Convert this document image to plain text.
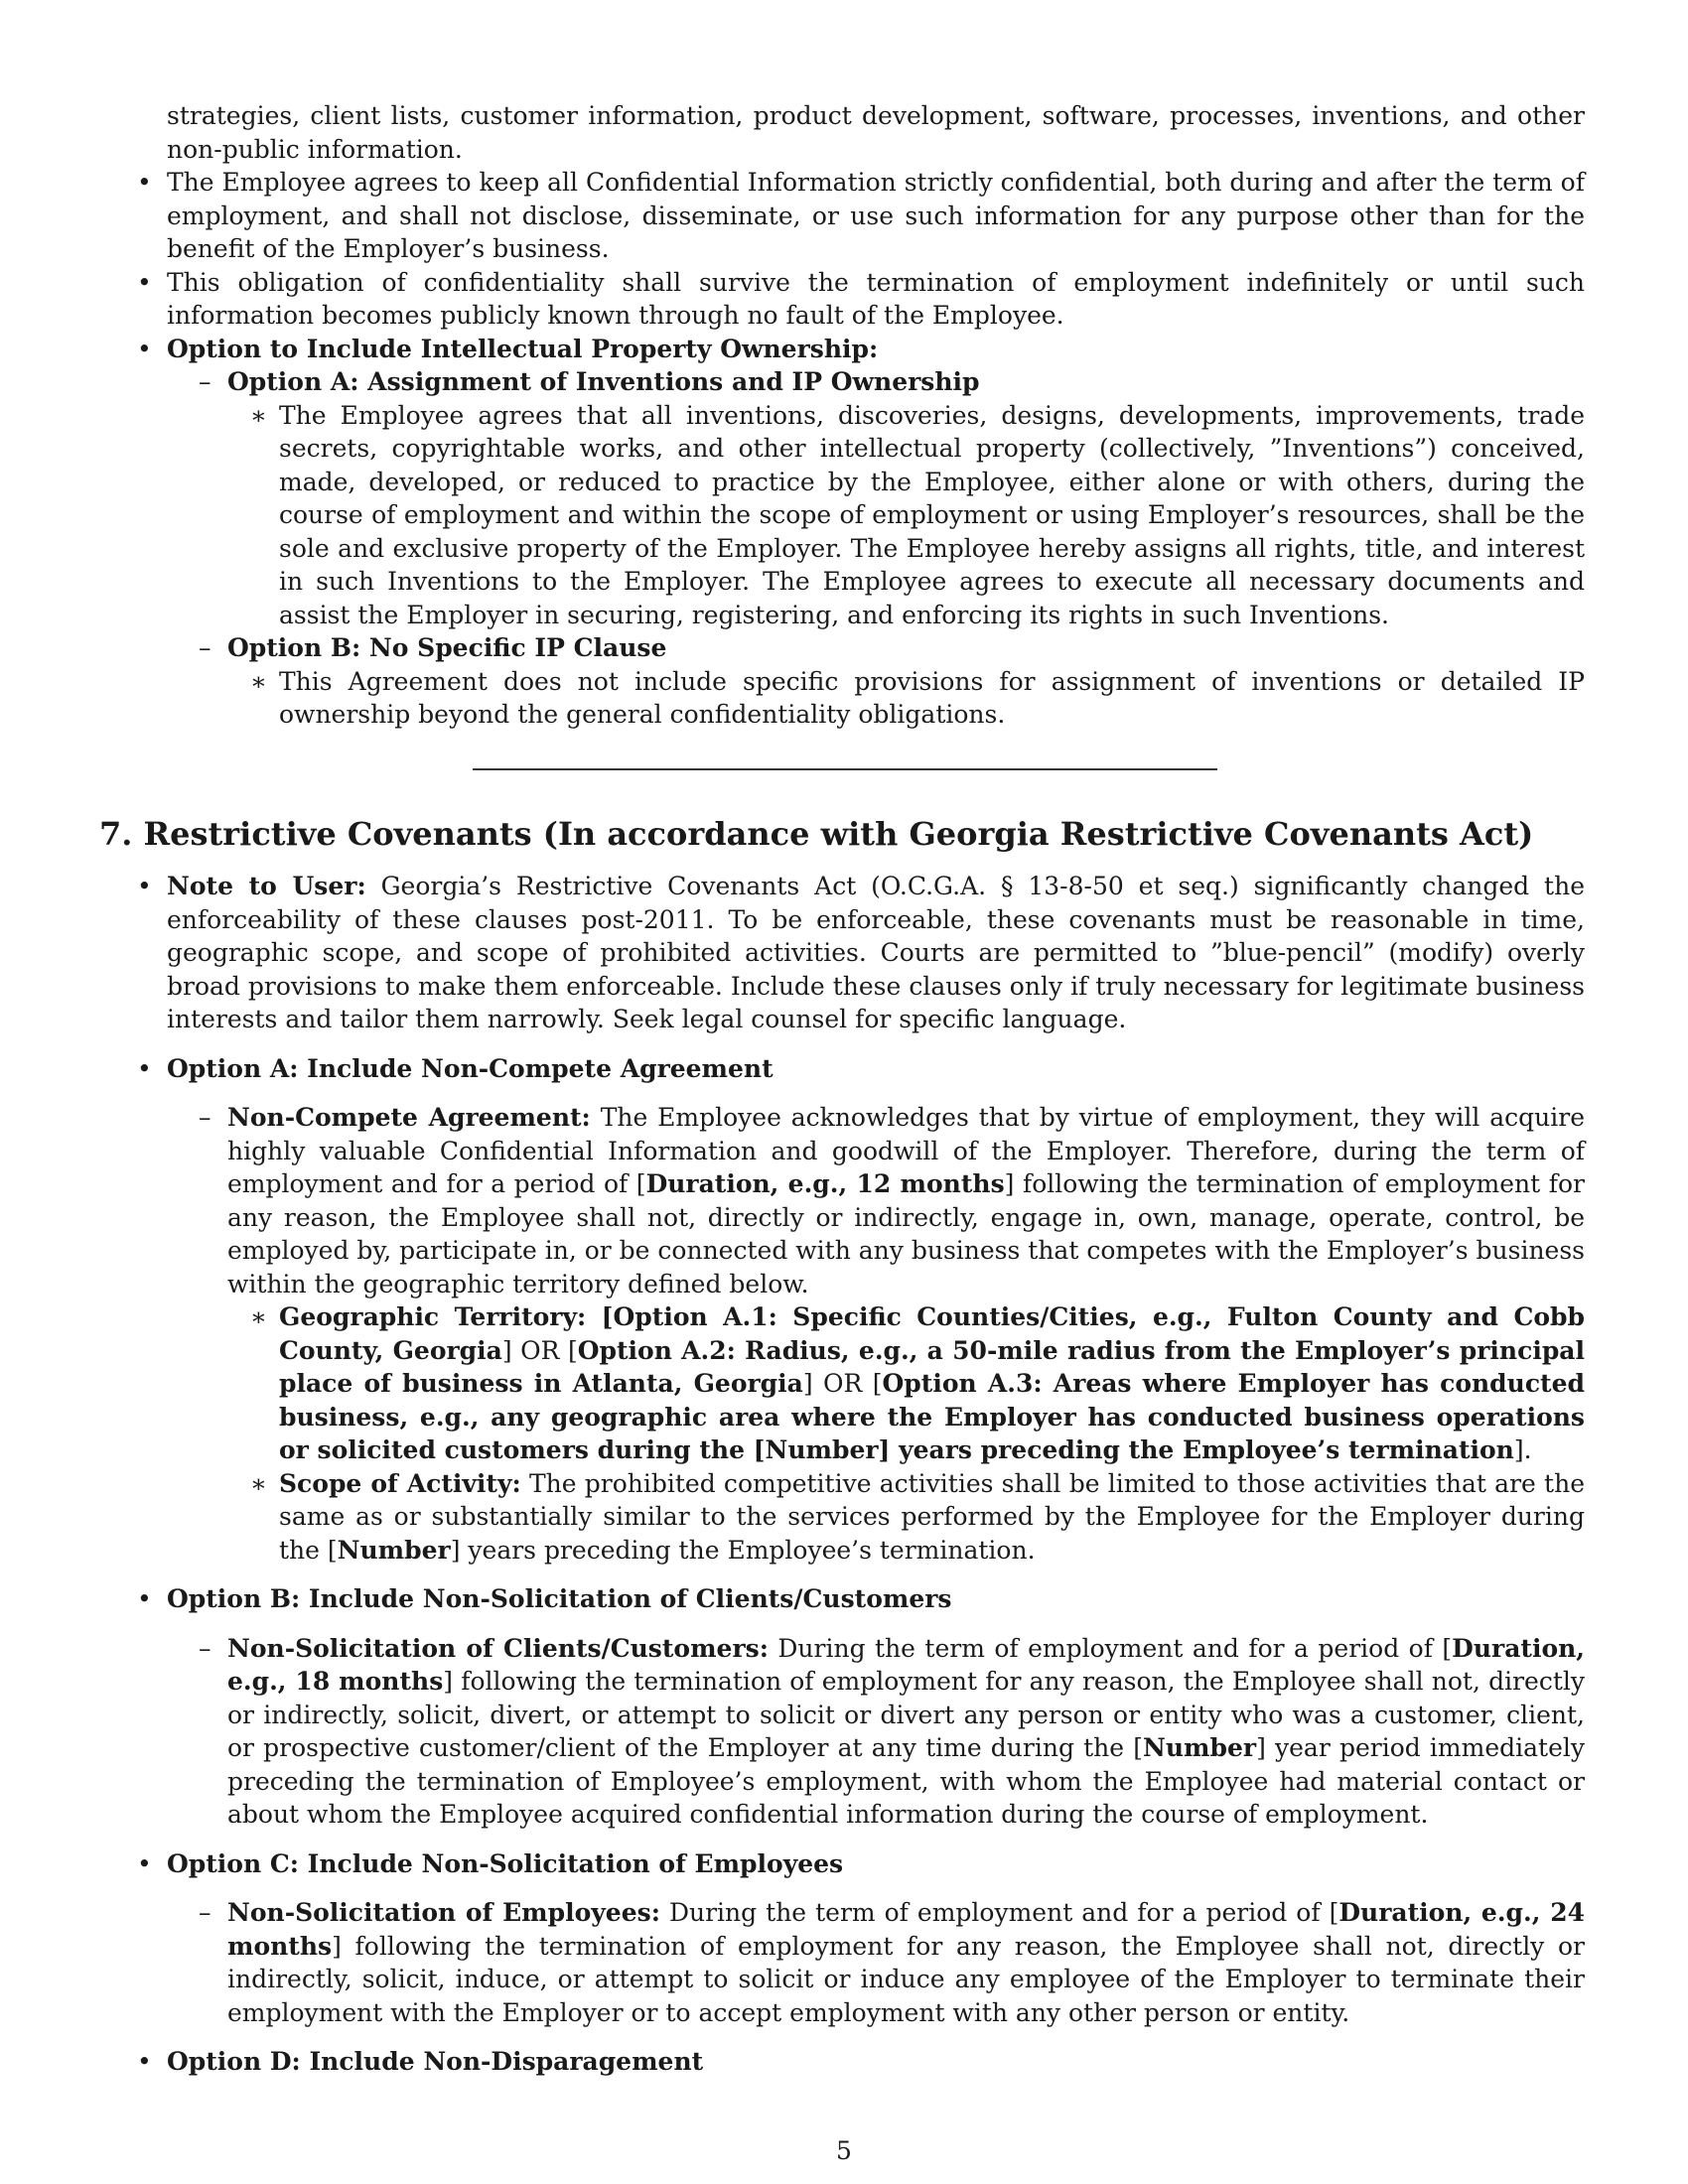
strategies, client lists, customer information, product development, software, processes, inventions, and other non-public information.

• The Employee agrees to keep all Confidential Information strictly confidential, both during and after the term of employment, and shall not disclose, disseminate, or use such information for any purpose other than for the benefit of the Employer’s business.
• This obligation of confidentiality shall survive the termination of employment indefinitely or until such information becomes publicly known through no fault of the Employee.
• Option to Include Intellectual Property Ownership:
– Option A: Assignment of Inventions and IP Ownership
∗ The Employee agrees that all inventions, discoveries, designs, developments, improvements, trade secrets, copyrightable works, and other intellectual property (collectively, ”Inventions”) conceived, made, developed, or reduced to practice by the Employee, either alone or with others, during the course of employment and within the scope of employment or using Employer’s resources, shall be the sole and exclusive property of the Employer. The Employee hereby assigns all rights, title, and interest in such Inventions to the Employer. The Employee agrees to execute all necessary documents and assist the Employer in securing, registering, and enforcing its rights in such Inventions.
– Option B: No Specific IP Clause
∗ This Agreement does not include specific provisions for assignment of inventions or detailed IP ownership beyond the general confidentiality obligations.
7. Restrictive Covenants (In accordance with Georgia Restrictive Covenants Act)
• Note to User: Georgia’s Restrictive Covenants Act (O.C.G.A. § 13-8-50 et seq.) significantly changed the enforceability of these clauses post-2011. To be enforceable, these covenants must be reasonable in time, geographic scope, and scope of prohibited activities. Courts are permitted to ”blue-pencil” (modify) overly broad provisions to make them enforceable. Include these clauses only if truly necessary for legitimate business interests and tailor them narrowly. Seek legal counsel for specific language.
• Option A: Include Non-Compete Agreement
– Non-Compete Agreement: The Employee acknowledges that by virtue of employment, they will acquire highly valuable Confidential Information and goodwill of the Employer. Therefore, during the term of employment and for a period of [Duration, e.g., 12 months] following the termination of employment for any reason, the Employee shall not, directly or indirectly, engage in, own, manage, operate, control, be employed by, participate in, or be connected with any business that competes with the Employer’s business within the geographic territory defined below.
∗ Geographic Territory: [Option A.1: Specific Counties/Cities, e.g., Fulton County and Cobb County, Georgia] OR [Option A.2: Radius, e.g., a 50-mile radius from the Employer’s principal place of business in Atlanta, Georgia] OR [Option A.3: Areas where Employer has conducted business, e.g., any geographic area where the Employer has conducted business operations or solicited customers during the [Number] years preceding the Employee’s termination].
∗ Scope of Activity: The prohibited competitive activities shall be limited to those activities that are the same as or substantially similar to the services performed by the Employee for the Employer during the [Number] years preceding the Employee’s termination.
• Option B: Include Non-Solicitation of Clients/Customers
– Non-Solicitation of Clients/Customers: During the term of employment and for a period of [Duration, e.g., 18 months] following the termination of employment for any reason, the Employee shall not, directly or indirectly, solicit, divert, or attempt to solicit or divert any person or entity who was a customer, client, or prospective customer/client of the Employer at any time during the [Number] year period immediately preceding the termination of Employee’s employment, with whom the Employee had material contact or about whom the Employee acquired confidential information during the course of employment.
• Option C: Include Non-Solicitation of Employees
– Non-Solicitation of Employees: During the term of employment and for a period of [Duration, e.g., 24 months] following the termination of employment for any reason, the Employee shall not, directly or indirectly, solicit, induce, or attempt to solicit or induce any employee of the Employer to terminate their employment with the Employer or to accept employment with any other person or entity.
• Option D: Include Non-Disparagement
5
